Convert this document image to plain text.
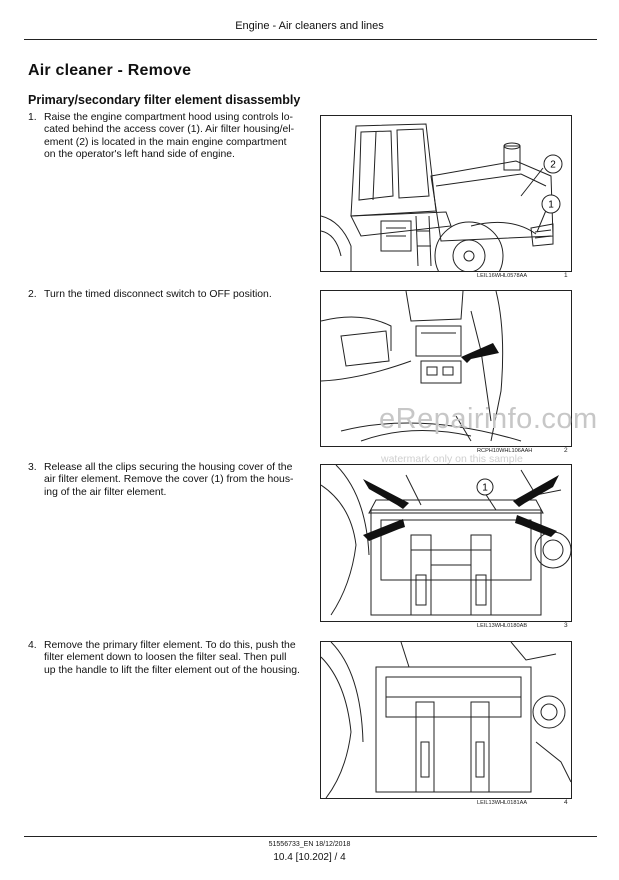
Engine - Air cleaners and lines
Air cleaner - Remove
Primary/secondary filter element disassembly
1. Raise the engine compartment hood using controls lo-
cated behind the access cover (1). Air filter housing/el-
ement (2) is located in the main engine compartment
on the operator's left hand side of engine.
2
1
LEIL16WHL0578AA	1
2. Turn the timed disconnect switch to OFF position.
RCPH10WHL106AAH	2
3. Release all the clips securing the housing cover of the
air filter element. Remove the cover (1) from the hous-
ing of the air filter element.	1
LEIL13WHL0180AB	3
4. Remove the primary filter element. To do this, push the
filter element down to loosen the filter seal. Then pull
up the handle to lift the filter element out of the housing.
LEIL13WHL0181AA	4
eRepairinfo.com
watermark only on this sample
51556733_EN 18/12/2018
10.4 [10.202] / 4
